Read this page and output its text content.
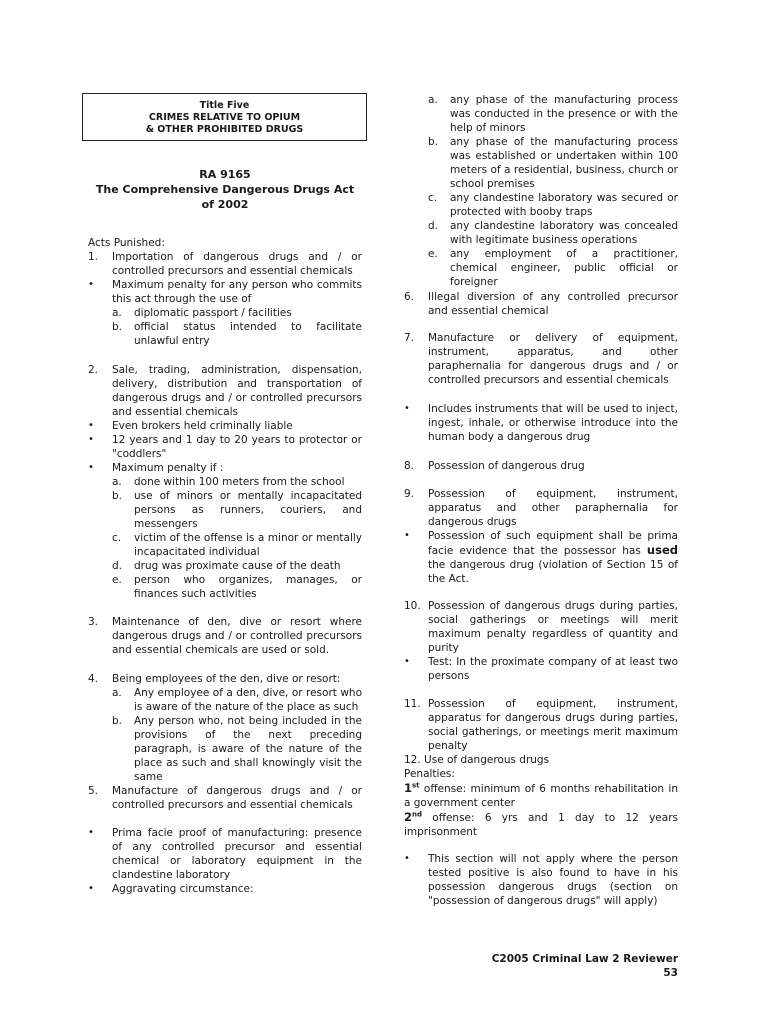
Title Five
CRIMES RELATIVE TO OPIUM
& OTHER PROHIBITED DRUGS
RA 9165
The Comprehensive Dangerous Drugs Act
of 2002
Acts Punished:
1.	Importation of dangerous drugs and / or controlled precursors and essential chemicals
•	Maximum penalty for any person who commits this act through the use of
a.	diplomatic passport / facilities
b.	official status intended to facilitate unlawful entry
2.	Sale, trading, administration, dispensation, delivery, distribution and transportation of dangerous drugs and / or controlled precursors and essential chemicals
•	Even brokers held criminally liable
•	12 years and 1 day to 20 years to protector or "coddlers"
•	Maximum penalty if :
a.	done within 100 meters from the school
b.	use of minors or mentally incapacitated persons as runners, couriers, and messengers
c.	victim of the offense is a minor or mentally incapacitated individual
d.	drug was proximate cause of the death
e.	person who organizes, manages, or finances such activities
3.	Maintenance of den, dive or resort where dangerous drugs and / or controlled precursors and essential chemicals are used or sold.
4.	Being employees of the den, dive or resort:
a.	Any employee of a den, dive, or resort who is aware of the nature of the place as such
b.	Any person who, not being included in the provisions of the next preceding paragraph, is aware of the nature of the place as such and shall knowingly visit the same
5.	Manufacture of dangerous drugs and / or controlled precursors and essential chemicals
•	Prima facie proof of manufacturing: presence of any controlled precursor and essential chemical or laboratory equipment in the clandestine laboratory
•	Aggravating circumstance:
a.	any phase of the manufacturing process was conducted in the presence or with the help of minors
b.	any phase of the manufacturing process was established or undertaken within 100 meters of a residential, business, church or school premises
c.	any clandestine laboratory was secured or protected with booby traps
d.	any clandestine laboratory was concealed with legitimate business operations
e.	any employment of a practitioner, chemical engineer, public official or foreigner
6.	Illegal diversion of any controlled precursor and essential chemical
7.	Manufacture or delivery of equipment, instrument, apparatus, and other paraphernalia for dangerous drugs and / or controlled precursors and essential chemicals
•	Includes instruments that will be used to inject, ingest, inhale, or otherwise introduce into the human body a dangerous drug
8.	Possession of dangerous drug
9.	Possession of equipment, instrument, apparatus and other paraphernalia for dangerous drugs
•	Possession of such equipment shall be prima facie evidence that the possessor has used the dangerous drug (violation of Section 15 of the Act.
10. Possession of dangerous drugs during parties, social gatherings or meetings will merit maximum penalty regardless of quantity and purity
•	Test: In the proximate company of at least two persons
11. Possession of equipment, instrument, apparatus for dangerous drugs during parties, social gatherings, or meetings merit maximum penalty
12. Use of dangerous drugs
Penalties:
1st offense: minimum of 6 months rehabilitation in a government center
2nd offense: 6 yrs and 1 day to 12 years imprisonment
•	This section will not apply where the person tested positive is also found to have in his possession dangerous drugs (section on "possession of dangerous drugs" will apply)
C2005 Criminal Law 2 Reviewer
53
